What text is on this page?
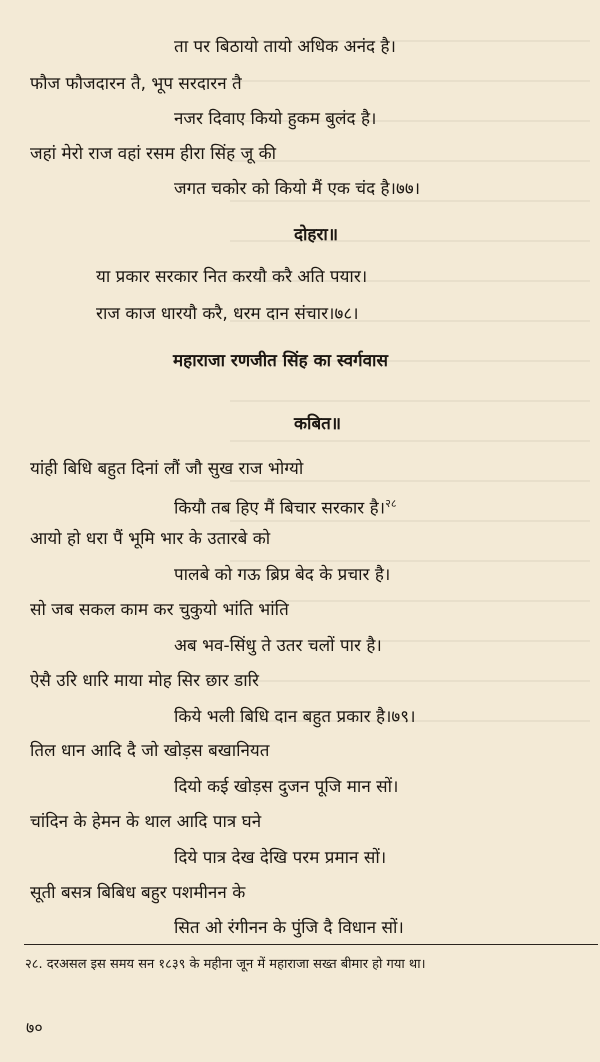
ता पर बिठायो तायो अधिक अनंद है।
फौज फौजदारन तै, भूप सरदारन तै
नजर दिवाए कियो हुकम बुलंद है।
जहां मेरो राज वहां रसम हीरा सिंह जू की
जगत चकोर को कियो मैं एक चंद है।७७।
दोहरा॥
या प्रकार सरकार नित करयौ करै अति पयार।
राज काज धारयौ करै, धरम दान संचार।७८।
महाराजा रणजीत सिंह का स्वर्गवास
कबित॥
यांही बिधि बहुत दिनां लौं जौ सुख राज भोग्यो
कियौ तब हिए मैं बिचार सरकार है।$^{२८}$
आयो हो धरा पैं भूमि भार के उतारबे को
पालबे को गऊ ब्रिप्र बेद के प्रचार है।
सो जब सकल काम कर चुकुयो भांति भांति
अब भव-सिंधु ते उतर चलों पार है।
ऐसै उरि धारि माया मोह सिर छार डारि
किये भली बिधि दान बहुत प्रकार है।७९।
तिल धान आदि दै जो खोड़स बखानियत
दियो कई खोड़स दुजन पूजि मान सों।
चांदिन के हेमन के थाल आदि पात्र घने
दिये पात्र देख देखि परम प्रमान सों।
सूती बसत्र बिबिध बहुर पशमीनन के
सित ओ रंगीनन के पुंजि दै विधान सों।
२८. दरअसल इस समय सन १८३९ के महीना जून में महाराजा सख्त बीमार हो गया था।
७०
